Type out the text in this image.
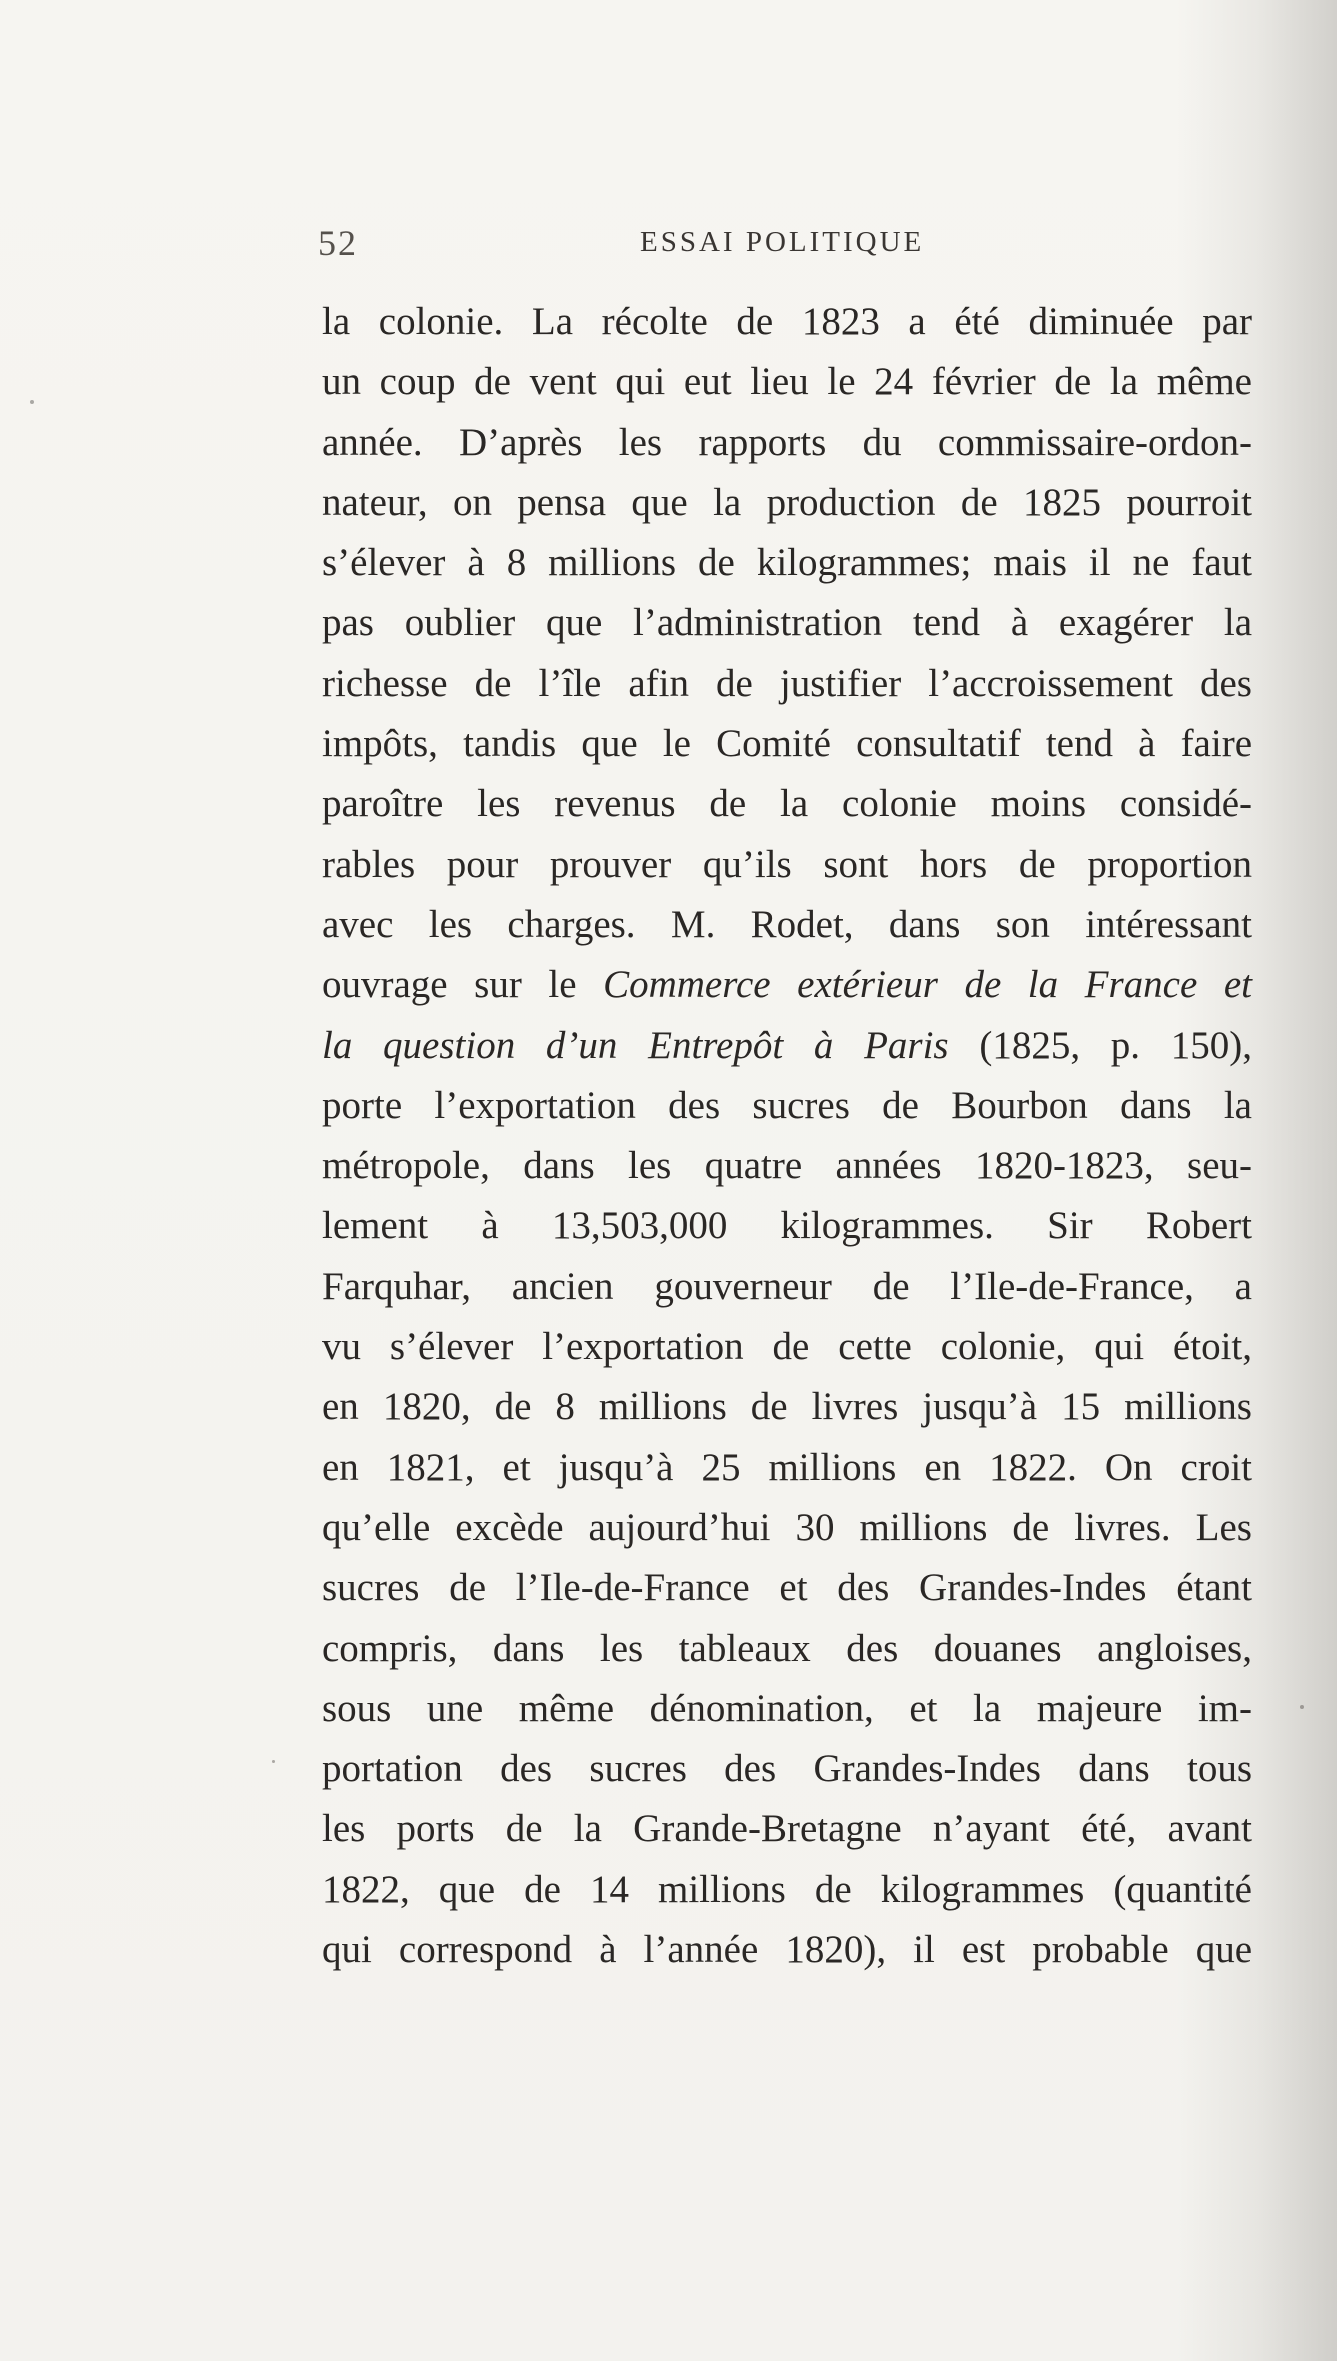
52	ESSAI POLITIQUE
la colonie. La récolte de 1823 a été diminuée par
un coup de vent qui eut lieu le 24 février de la même
année. D’après les rapports du commissaire-ordon-
nateur, on pensa que la production de 1825 pourroit
s’élever à 8 millions de kilogrammes; mais il ne faut
pas oublier que l’administration tend à exagérer la
richesse de l’île afin de justifier l’accroissement des
impôts, tandis que le Comité consultatif tend à faire
paroître les revenus de la colonie moins considé-
rables pour prouver qu’ils sont hors de proportion
avec les charges. M. Rodet, dans son intéressant
ouvrage sur le Commerce extérieur de la France et
la question d’un Entrepôt à Paris (1825, p. 150),
porte l’exportation des sucres de Bourbon dans la
métropole, dans les quatre années 1820-1823, seu-
lement à 13,503,000 kilogrammes. Sir Robert
Farquhar, ancien gouverneur de l’Ile-de-France, a
vu s’élever l’exportation de cette colonie, qui étoit,
en 1820, de 8 millions de livres jusqu’à 15 millions
en 1821, et jusqu’à 25 millions en 1822. On croit
qu’elle excède aujourd’hui 30 millions de livres. Les
sucres de l’Ile-de-France et des Grandes-Indes étant
compris, dans les tableaux des douanes angloises,
sous une même dénomination, et la majeure im-
portation des sucres des Grandes-Indes dans tous
les ports de la Grande-Bretagne n’ayant été, avant
1822, que de 14 millions de kilogrammes (quantité
qui correspond à l’année 1820), il est probable que
